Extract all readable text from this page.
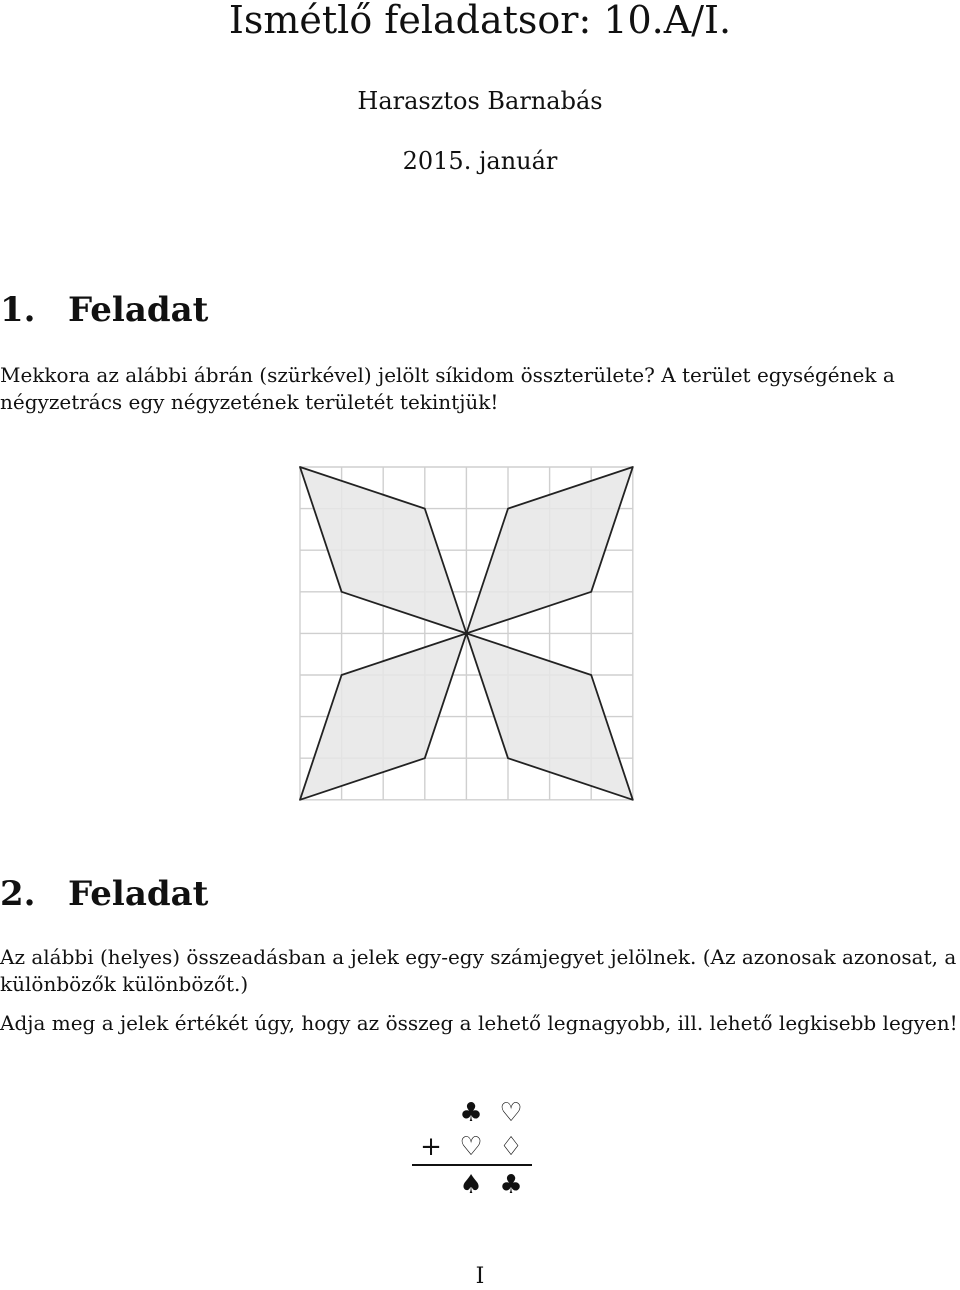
Ismétlő feladatsor: 10.A/I.
Harasztos Barnabás
2015. január
1. Feladat
Mekkora az alábbi ábrán (szürkével) jelölt síkidom összterülete? A terület egységének a négyzetrács egy négyzetének területét tekintjük!
2. Feladat
Az alábbi (helyes) összeadásban a jelek egy-egy számjegyet jelölnek. (Az azonosak azonosat, a különbözők különbözőt.)
Adja meg a jelek értékét úgy, hogy az összeg a lehető legnagyobb, ill. lehető legkisebb legyen!
♣ ♡
+ ♡ ♢
♠ ♣
I
